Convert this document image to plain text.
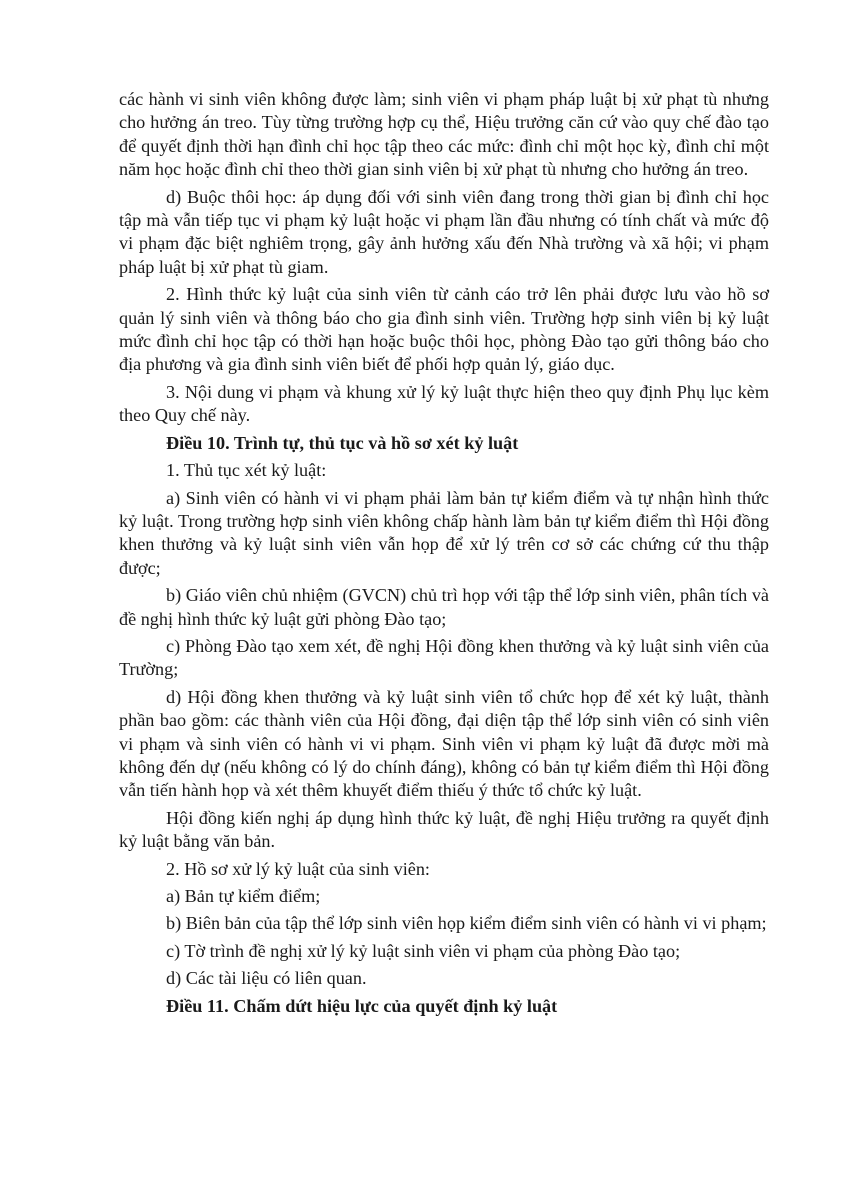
các hành vi sinh viên không được làm; sinh viên vi phạm pháp luật bị xử phạt tù nhưng cho hưởng án treo. Tùy từng trường hợp cụ thể, Hiệu trưởng căn cứ vào quy chế đào tạo để quyết định thời hạn đình chỉ học tập theo các mức: đình chỉ một học kỳ, đình chỉ một năm học hoặc đình chỉ theo thời gian sinh viên bị xử phạt tù nhưng cho hưởng án treo.

d) Buộc thôi học: áp dụng đối với sinh viên đang trong thời gian bị đình chỉ học tập mà vẫn tiếp tục vi phạm kỷ luật hoặc vi phạm lần đầu nhưng có tính chất và mức độ vi phạm đặc biệt nghiêm trọng, gây ảnh hưởng xấu đến Nhà trường và xã hội; vi phạm pháp luật bị xử phạt tù giam.

2. Hình thức kỷ luật của sinh viên từ cảnh cáo trở lên phải được lưu vào hồ sơ quản lý sinh viên và thông báo cho gia đình sinh viên. Trường hợp sinh viên bị kỷ luật mức đình chỉ học tập có thời hạn hoặc buộc thôi học, phòng Đào tạo gửi thông báo cho địa phương và gia đình sinh viên biết để phối hợp quản lý, giáo dục.

3. Nội dung vi phạm và khung xử lý kỷ luật thực hiện theo quy định Phụ lục kèm theo Quy chế này.

Điều 10. Trình tự, thủ tục và hồ sơ xét kỷ luật

1. Thủ tục xét kỷ luật:

a) Sinh viên có hành vi vi phạm phải làm bản tự kiểm điểm và tự nhận hình thức kỷ luật. Trong trường hợp sinh viên không chấp hành làm bản tự kiểm điểm thì Hội đồng khen thưởng và kỷ luật sinh viên vẫn họp để xử lý trên cơ sở các chứng cứ thu thập được;

b) Giáo viên chủ nhiệm (GVCN) chủ trì họp với tập thể lớp sinh viên, phân tích và đề nghị hình thức kỷ luật gửi phòng Đào tạo;

c) Phòng Đào tạo xem xét, đề nghị Hội đồng khen thưởng và kỷ luật sinh viên của Trường;

d) Hội đồng khen thưởng và kỷ luật sinh viên tổ chức họp để xét kỷ luật, thành phần bao gồm: các thành viên của Hội đồng, đại diện tập thể lớp sinh viên có sinh viên vi phạm và sinh viên có hành vi vi phạm. Sinh viên vi phạm kỷ luật đã được mời mà không đến dự (nếu không có lý do chính đáng), không có bản tự kiểm điểm thì Hội đồng vẫn tiến hành họp và xét thêm khuyết điểm thiếu ý thức tổ chức kỷ luật.

Hội đồng kiến nghị áp dụng hình thức kỷ luật, đề nghị Hiệu trưởng ra quyết định kỷ luật bằng văn bản.

2. Hồ sơ xử lý kỷ luật của sinh viên:

a) Bản tự kiểm điểm;

b) Biên bản của tập thể lớp sinh viên họp kiểm điểm sinh viên có hành vi vi phạm;

c) Tờ trình đề nghị xử lý kỷ luật sinh viên vi phạm của phòng Đào tạo;

d) Các tài liệu có liên quan.

Điều 11. Chấm dứt hiệu lực của quyết định kỷ luật
